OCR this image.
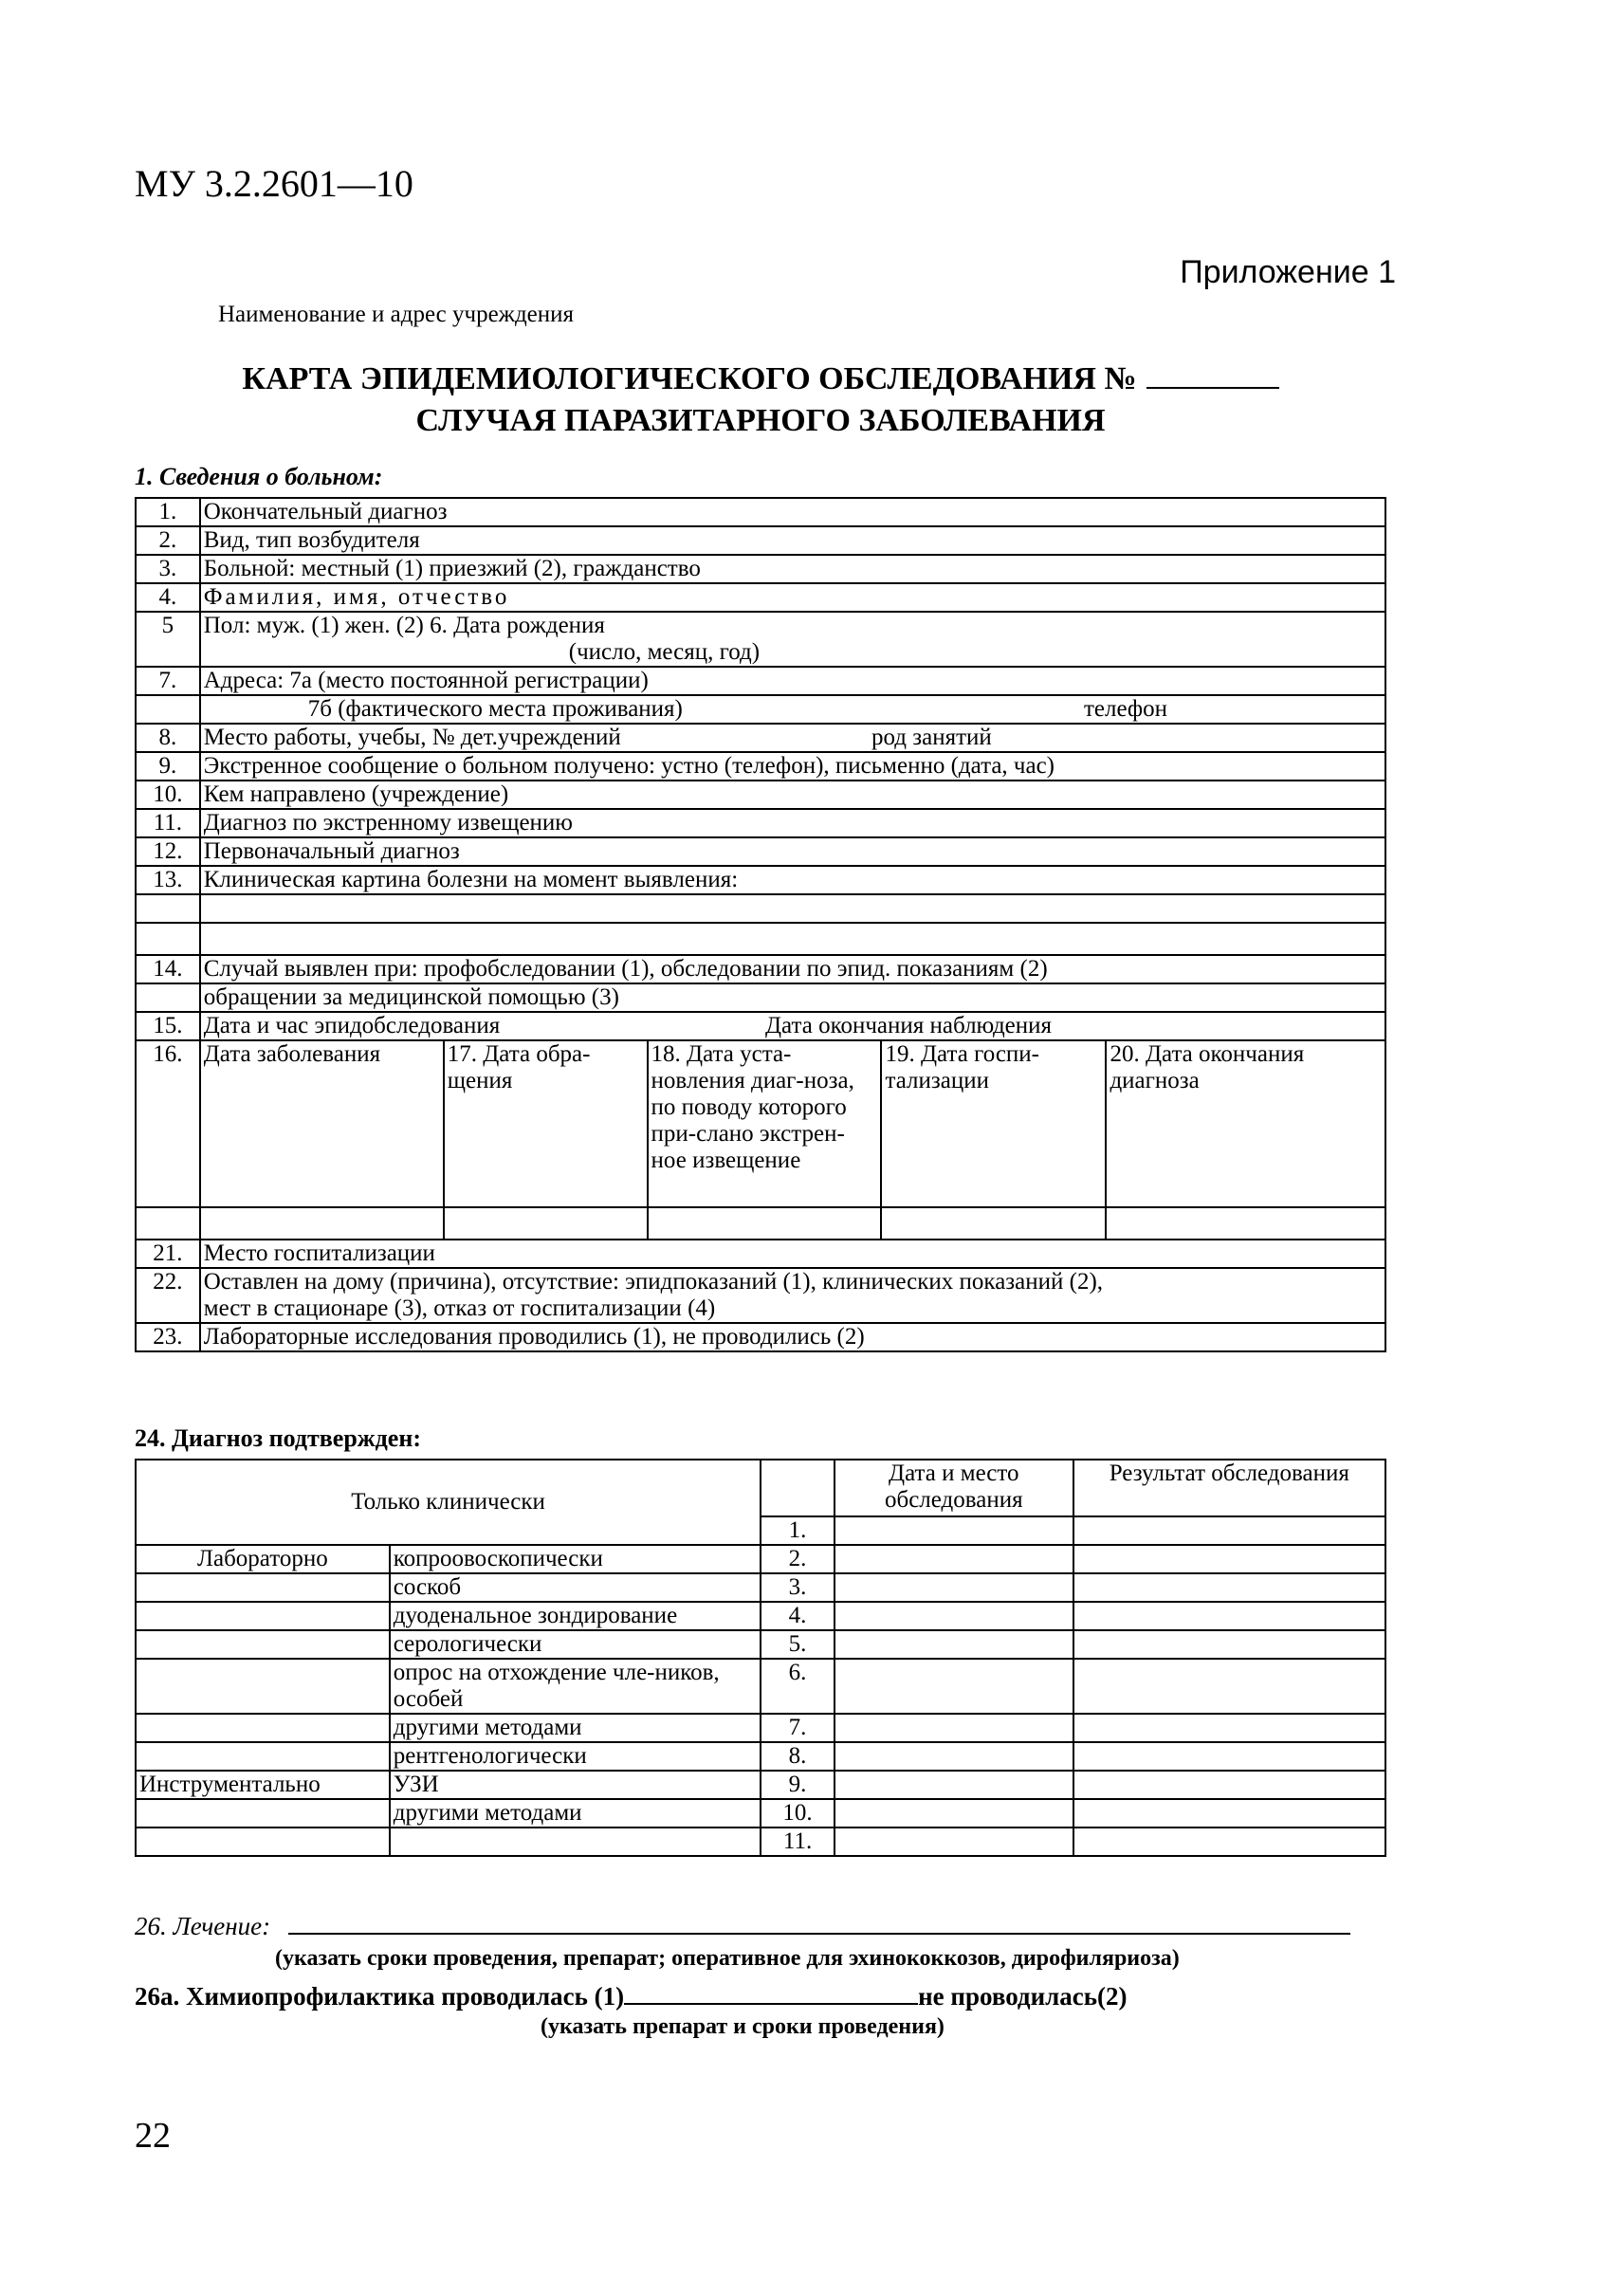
МУ 3.2.2601—10
Приложение 1
Наименование и адрес учреждения
КАРТА ЭПИДЕМИОЛОГИЧЕСКОГО ОБСЛЕДОВАНИЯ №
СЛУЧАЯ ПАРАЗИТАРНОГО ЗАБОЛЕВАНИЯ
1. Сведения о больном:
1.	Окончательный диагноз				
2.	Вид, тип возбудителя				
3.	Больной: местный (1) приезжий (2), гражданство				
4.	Фамилия, имя, отчество				
5	Пол: муж. (1) жен. (2) 6. Дата рождения
(число, месяц, год)				

7.	Адреса: 7а (место постоянной регистрации)				
	7б (фактического места проживания) телефон				

8.	Место работы, учебы, № дет.учреждений род занятий				

9.	Экстренное сообщение о больном получено: устно (телефон), письменно (дата, час)				
10.	Кем направлено (учреждение)				
11.	Диагноз по экстренному извещению				
12.	Первоначальный диагноз				
13.	Клиническая картина болезни на момент выявления:				

14.	Случай выявлен при: профобследовании (1), обследовании по эпид. показаниям (2)				
	обращении за медицинской помощью (3)				
15.	Дата и час эпидобследования Дата окончания наблюдения				

16.	Дата заболевания	17. Дата обра-щения	18. Дата уста-новления диаг-ноза, по поводу которого при-слано экстрен-ное извещение	19. Дата госпи-тализации	20. Дата окончания диагноза

21.	Место госпитализации				
22.	Оставлен на дому (причина), отсутствие: эпидпоказаний (1), клинических показаний (2),
мест в стационаре (3), отказ от госпитализации (4)				

23.	Лабораторные исследования проводились (1), не проводились (2)				
24. Диагноз подтвержден:
Только клинически			Дата и место обследования	Результат обследования
		1.		
Лабораторно	копроовоскопически	2.		
	соскоб	3.		
	дуоденальное зондирование	4.		
	серологически	5.		
	опрос на отхождение чле-ников, особей	6.		
	другими методами	7.		
	рентгенологически	8.		
Инструментально	УЗИ	9.		
	другими методами	10.		
		11.		
26. Лечение:
(указать сроки проведения, препарат; оперативное для эхинококкозов, дирофиляриоза)
26а. Химиопрофилактика проводилась (1)	не проводилась(2)
(указать препарат и сроки проведения)
22
